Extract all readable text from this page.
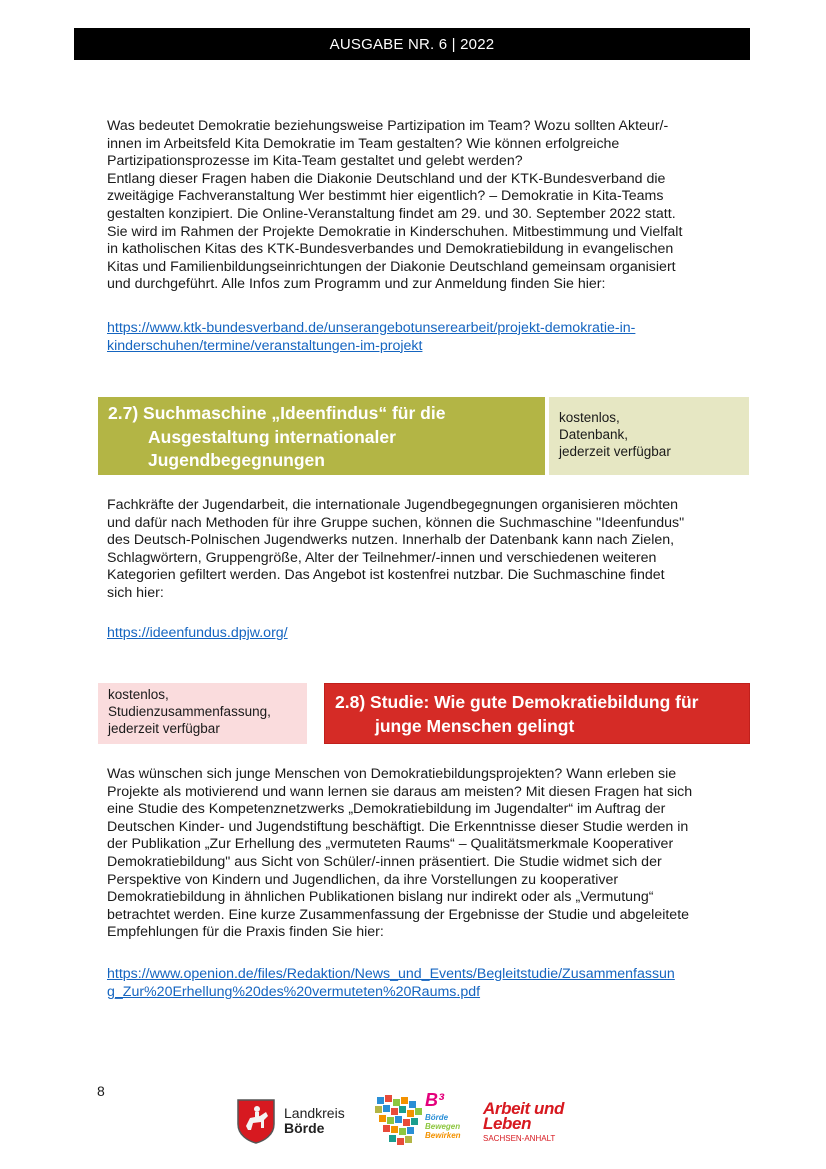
AUSGABE NR. 6 | 2022
Was bedeutet Demokratie beziehungsweise Partizipation im Team? Wozu sollten Akteur/-
innen im Arbeitsfeld Kita Demokratie im Team gestalten? Wie können erfolgreiche
Partizipationsprozesse im Kita-Team gestaltet und gelebt werden?
Entlang dieser Fragen haben die Diakonie Deutschland und der KTK-Bundesverband die
zweitägige Fachveranstaltung Wer bestimmt hier eigentlich? – Demokratie in Kita-Teams
gestalten konzipiert. Die Online-Veranstaltung findet am 29. und 30. September 2022 statt.
Sie wird im Rahmen der Projekte Demokratie in Kinderschuhen. Mitbestimmung und Vielfalt
in katholischen Kitas des KTK-Bundesverbandes und Demokratiebildung in evangelischen
Kitas und Familienbildungseinrichtungen der Diakonie Deutschland gemeinsam organisiert
und durchgeführt. Alle Infos zum Programm und zur Anmeldung finden Sie hier:
https://www.ktk-bundesverband.de/unserangebotunserearbeit/projekt-demokratie-in-
kinderschuhen/termine/veranstaltungen-im-projekt
2.7) Suchmaschine „Ideenfindus“ für die
Ausgestaltung internationaler
Jugendbegegnungen
kostenlos,
Datenbank,
jederzeit verfügbar
Fachkräfte der Jugendarbeit, die internationale Jugendbegegnungen organisieren möchten
und dafür nach Methoden für ihre Gruppe suchen, können die Suchmaschine "Ideenfundus"
des Deutsch-Polnischen Jugendwerks nutzen. Innerhalb der Datenbank kann nach Zielen,
Schlagwörtern, Gruppengröße, Alter der Teilnehmer/-innen und verschiedenen weiteren
Kategorien gefiltert werden. Das Angebot ist kostenfrei nutzbar. Die Suchmaschine findet
sich hier:
https://ideenfundus.dpjw.org/
kostenlos,
Studienzusammenfassung,
jederzeit verfügbar
2.8) Studie: Wie gute Demokratiebildung für
junge Menschen gelingt
Was wünschen sich junge Menschen von Demokratiebildungsprojekten? Wann erleben sie
Projekte als motivierend und wann lernen sie daraus am meisten? Mit diesen Fragen hat sich
eine Studie des Kompetenznetzwerks „Demokratiebildung im Jugendalter“ im Auftrag der
Deutschen Kinder- und Jugendstiftung beschäftigt. Die Erkenntnisse dieser Studie werden in
der Publikation „Zur Erhellung des „vermuteten Raums“ – Qualitätsmerkmale Kooperativer
Demokratiebildung" aus Sicht von Schüler/-innen präsentiert. Die Studie widmet sich der
Perspektive von Kindern und Jugendlichen, da ihre Vorstellungen zu kooperativer
Demokratiebildung in ähnlichen Publikationen bislang nur indirekt oder als „Vermutung“
betrachtet werden. Eine kurze Zusammenfassung der Ergebnisse der Studie und abgeleitete
Empfehlungen für die Praxis finden Sie hier:
https://www.openion.de/files/Redaktion/News_und_Events/Begleitstudie/Zusammenfassun
g_Zur%20Erhellung%20des%20vermuteten%20Raums.pdf
8
Landkreis
Börde
B³
Börde
Bewegen
Bewirken
Arbeit und
Leben
SACHSEN-ANHALT
